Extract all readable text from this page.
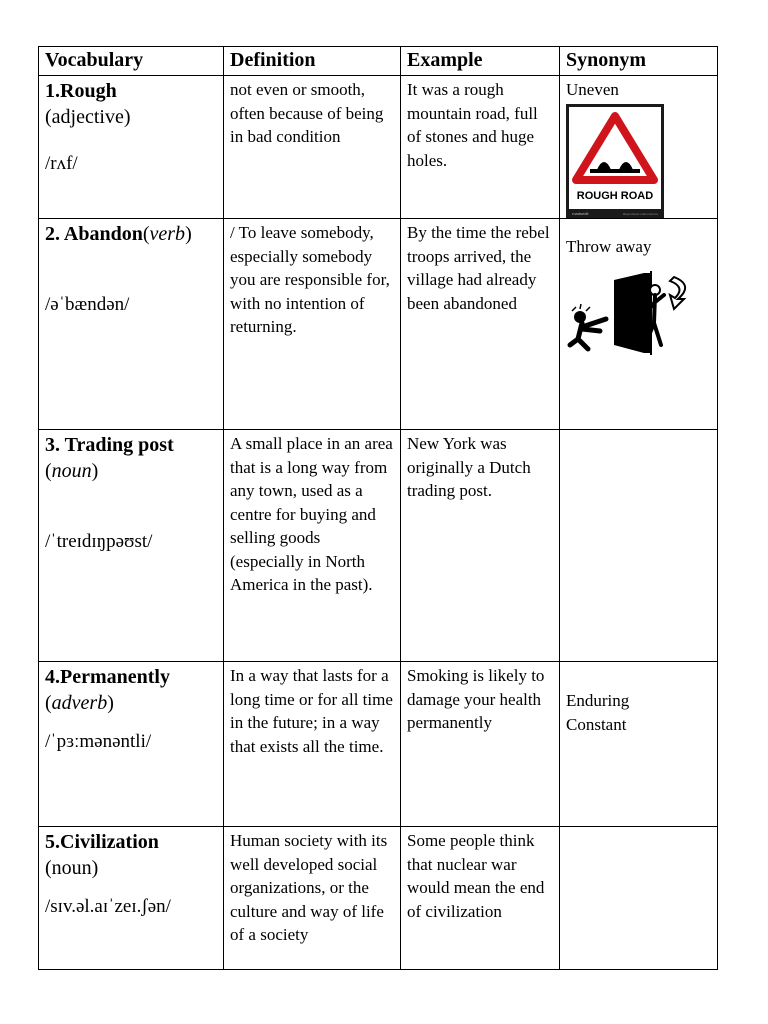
Vocabulary	Definition	Example	Synonym

1.Rough
(adjective)
/rʌf/	not even or smooth, often because of being in bad condition	It was a rough mountain road, full of stones and huge holes.	Uneven
ROUGH ROAD
roadsedit Reproduced under licence

2. Abandon(verb)
/əˈbændən/	/ To leave somebody, especially somebody you are responsible for, with no intention of returning.	By the time the rebel troops arrived, the village had already been abandoned	Throw away

3. Trading post
(noun)
/ˈtreɪdɪŋpəʊst/	A small place in an area that is a long way from any town, used as a centre for buying and selling goods (especially in North America in the past).	New York was originally a Dutch trading post.	

4.Permanently
(adverb)
/ˈpɜːmənəntli/	In a way that lasts for a long time or for all time in the future; in a way that exists all the time.	Smoking is likely to damage your health permanently	Enduring
Constant

5.Civilization
(noun)
/sɪv.əl.aɪˈzeɪ.ʃən/	Human society with its well developed social organizations, or the culture and way of life of a society	Some people think that nuclear war would mean the end of civilization	
